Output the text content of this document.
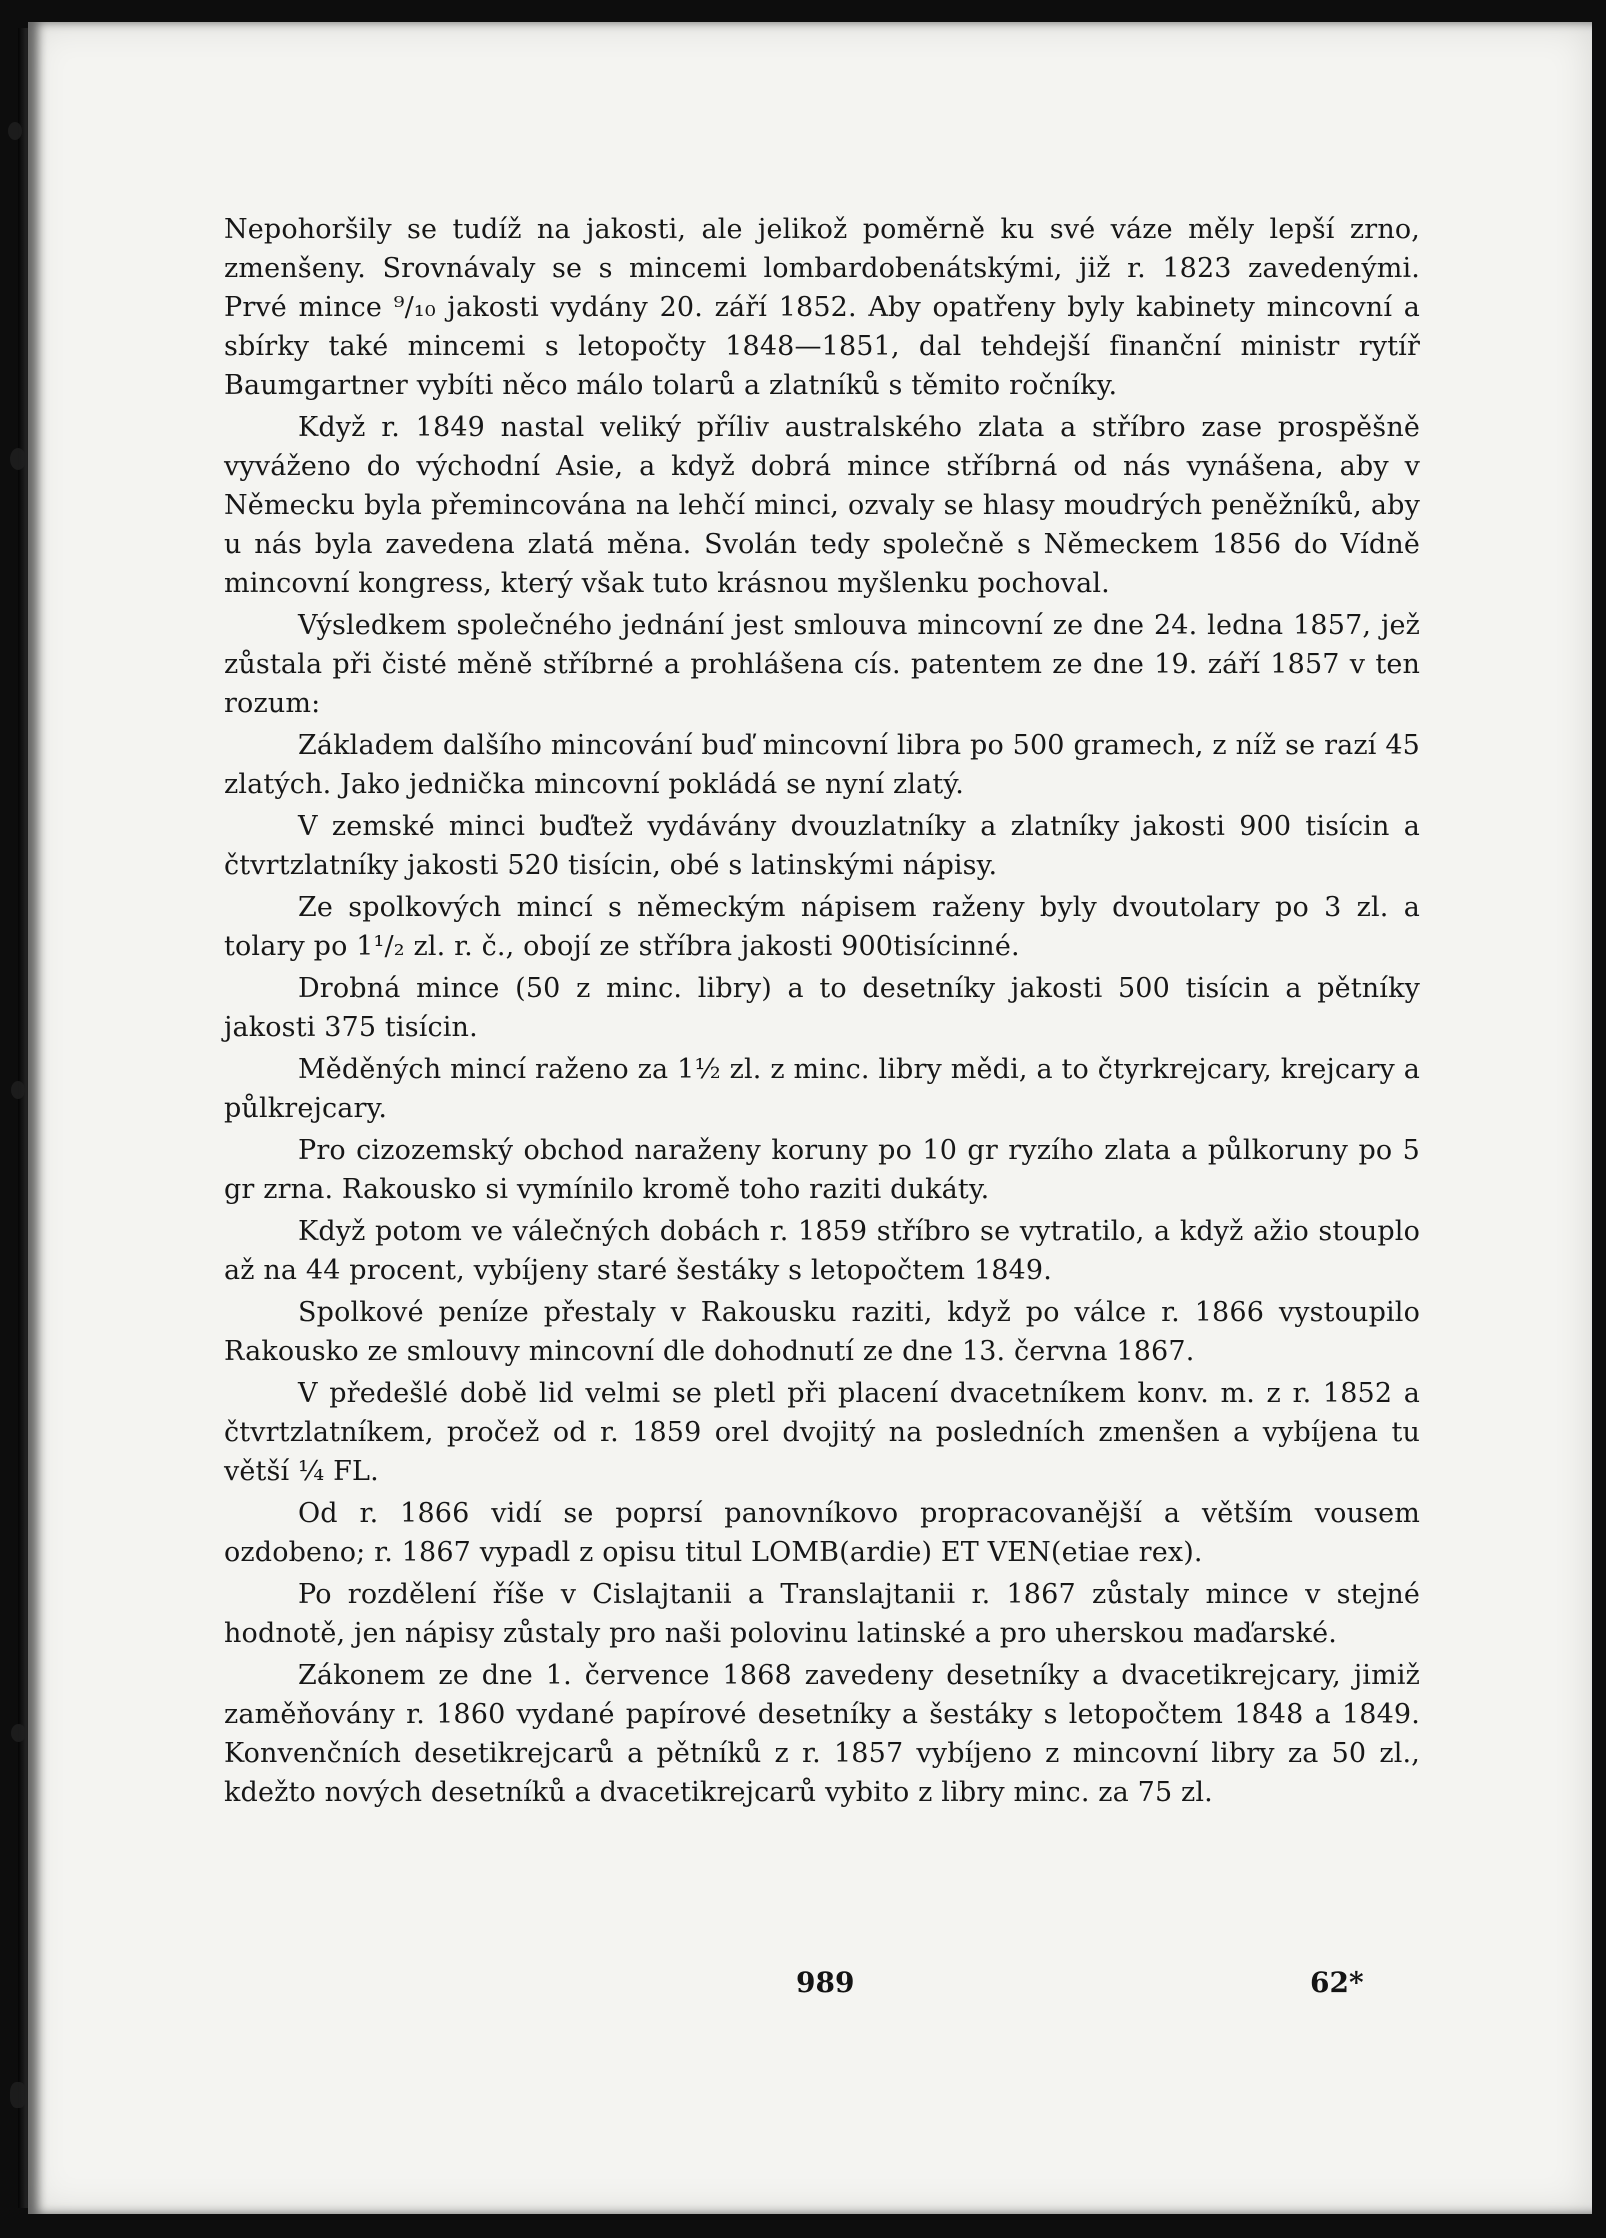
Nepohoršily se tudíž na jakosti, ale jelikož poměrně ku své váze měly lepší zrno, zmenšeny. Srovnávaly se s mincemi lombardobenátskými, již r. 1823 zavedenými. Prvé mince ⁹/₁₀ jakosti vydány 20. září 1852. Aby opatřeny byly kabinety mincovní a sbírky také mincemi s letopočty 1848—1851, dal tehdejší finanční ministr rytíř Baumgartner vybíti něco málo tolarů a zlatníků s těmito ročníky.

Když r. 1849 nastal veliký příliv australského zlata a stříbro zase prospěšně vyváženo do východní Asie, a když dobrá mince stříbrná od nás vynášena, aby v Německu byla přemincována na lehčí minci, ozvaly se hlasy moudrých peněžníků, aby u nás byla zavedena zlatá měna. Svolán tedy společně s Německem 1856 do Vídně mincovní kongress, který však tuto krásnou myšlenku pochoval.

Výsledkem společného jednání jest smlouva mincovní ze dne 24. ledna 1857, jež zůstala při čisté měně stříbrné a prohlášena cís. patentem ze dne 19. září 1857 v ten rozum:

Základem dalšího mincování buď mincovní libra po 500 gramech, z níž se razí 45 zlatých. Jako jednička mincovní pokládá se nyní zlatý.

V zemské minci buďtež vydávány dvouzlatníky a zlatníky jakosti 900 tisícin a čtvrtzlatníky jakosti 520 tisícin, obé s latinskými nápisy.

Ze spolkových mincí s německým nápisem raženy byly dvoutolary po 3 zl. a tolary po 1¹/₂ zl. r. č., obojí ze stříbra jakosti 900tisícinné.

Drobná mince (50 z minc. libry) a to desetníky jakosti 500 tisícin a pětníky jakosti 375 tisícin.

Měděných mincí raženo za 1½ zl. z minc. libry mědi, a to čtyrkrejcary, krejcary a půlkrejcary.

Pro cizozemský obchod naraženy koruny po 10 gr ryzího zlata a půlkoruny po 5 gr zrna. Rakousko si vymínilo kromě toho raziti dukáty.

Když potom ve válečných dobách r. 1859 stříbro se vytratilo, a když ažio stouplo až na 44 procent, vybíjeny staré šestáky s letopočtem 1849.

Spolkové peníze přestaly v Rakousku raziti, když po válce r. 1866 vystoupilo Rakousko ze smlouvy mincovní dle dohodnutí ze dne 13. června 1867.

V předešlé době lid velmi se pletl při placení dvacetníkem konv. m. z r. 1852 a čtvrtzlatníkem, pročež od r. 1859 orel dvojitý na posledních zmenšen a vybíjena tu větší ¼ FL.

Od r. 1866 vidí se poprsí panovníkovo propracovanější a větším vousem ozdobeno; r. 1867 vypadl z opisu titul LOMB(ardie) ET VEN(etiae rex).

Po rozdělení říše v Cislajtanii a Translajtanii r. 1867 zůstaly mince v stejné hodnotě, jen nápisy zůstaly pro naši polovinu latinské a pro uherskou maďarské.

Zákonem ze dne 1. července 1868 zavedeny desetníky a dvacetikrejcary, jimiž zaměňovány r. 1860 vydané papírové desetníky a šestáky s letopočtem 1848 a 1849. Konvenčních desetikrejcarů a pětníků z r. 1857 vybíjeno z mincovní libry za 50 zl., kdežto nových desetníků a dvacetikrejcarů vybito z libry minc. za 75 zl.

989	62*
